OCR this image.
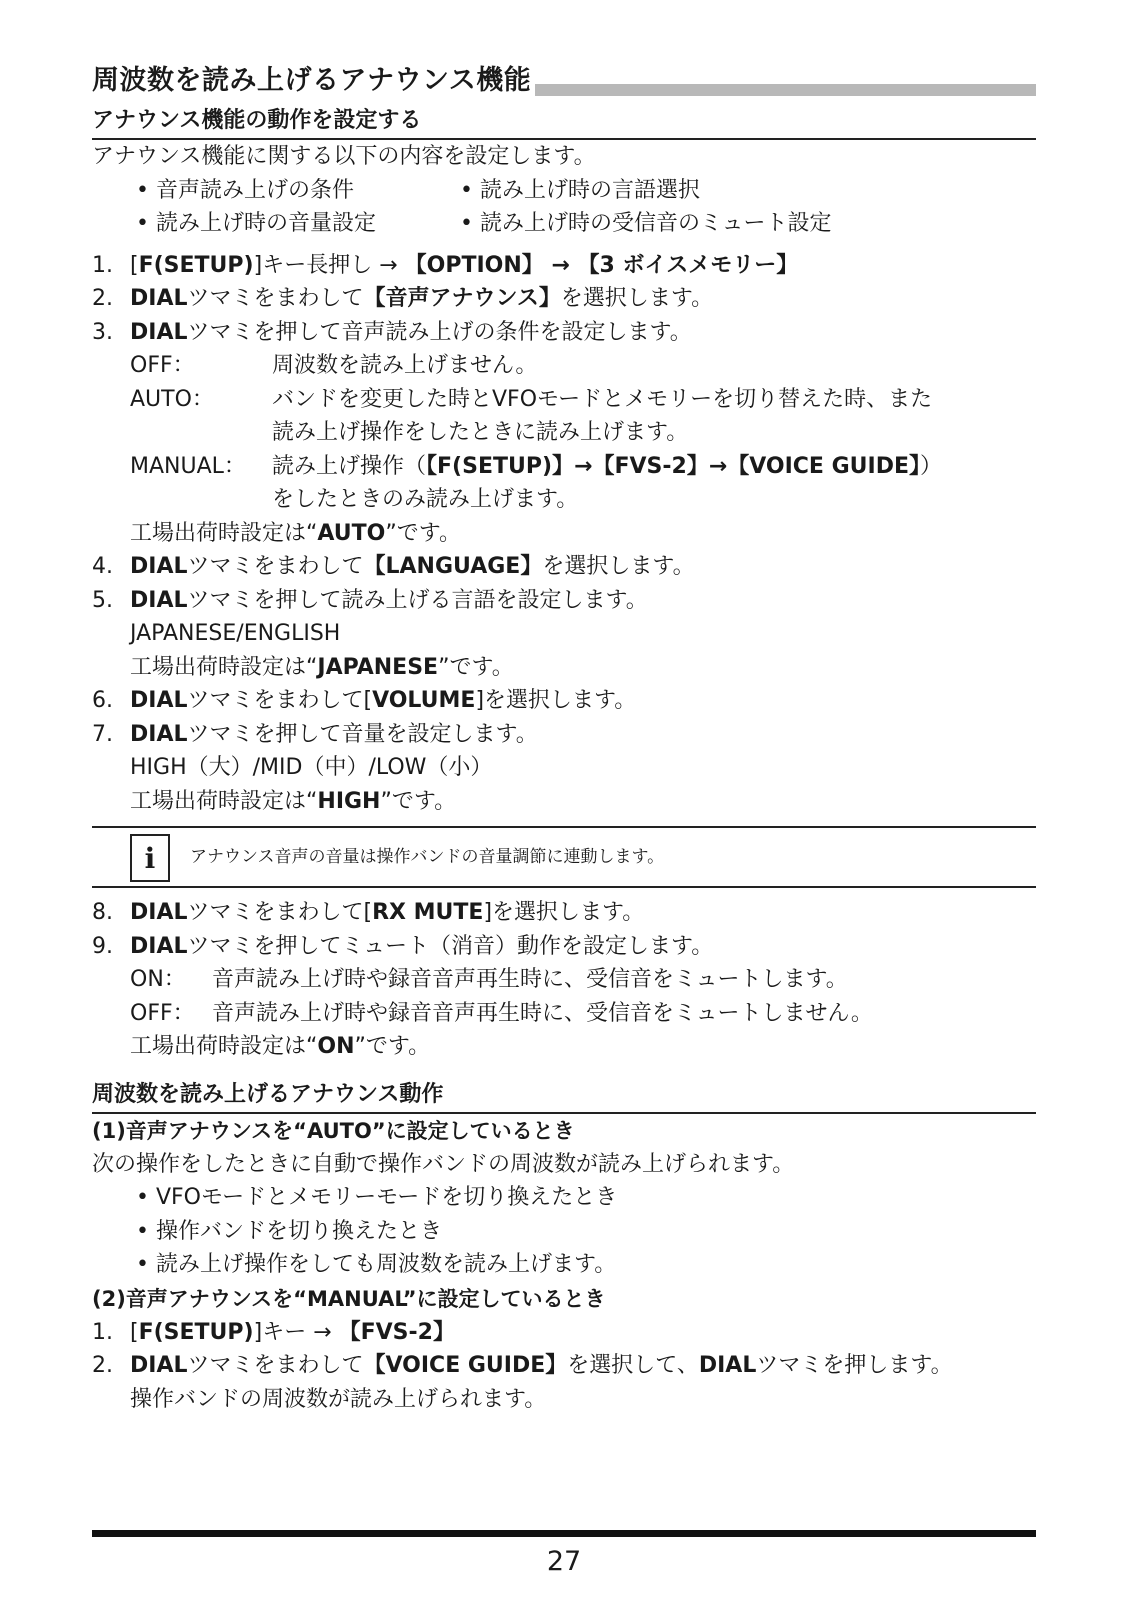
周波数を読み上げるアナウンス機能
アナウンス機能の動作を設定する

アナウンス機能に関する以下の内容を設定します。

• 音声読み上げの条件	• 読み上げ時の言語選択
• 読み上げ時の音量設定	• 読み上げ時の受信音のミュート設定
1. [F(SETUP)]キー長押し → 【OPTION】 → 【3 ボイスメモリー】
2. DIALツマミをまわして【音声アナウンス】を選択します。
3. DIALツマミを押して音声読み上げの条件を設定します。
OFF：	周波数を読み上げません。
AUTO：	バンドを変更した時とVFOモードとメモリーを切り替えた時、また
読み上げ操作をしたときに読み上げます。
MANUAL：	読み上げ操作（【F(SETUP)】→【FVS-2】→【VOICE GUIDE】）
をしたときのみ読み上げます。
工場出荷時設定は“AUTO”です。
4. DIALツマミをまわして【LANGUAGE】を選択します。
5. DIALツマミを押して読み上げる言語を設定します。
JAPANESE/ENGLISH
工場出荷時設定は“JAPANESE”です。
6. DIALツマミをまわして[VOLUME]を選択します。
7. DIALツマミを押して音量を設定します。
HIGH（大）/MID（中）/LOW（小）
工場出荷時設定は“HIGH”です。
i	アナウンス音声の音量は操作バンドの音量調節に連動します。
8. DIALツマミをまわして[RX MUTE]を選択します。
9. DIALツマミを押してミュート（消音）動作を設定します。
ON：	音声読み上げ時や録音音声再生時に、受信音をミュートします。
OFF： 音声読み上げ時や録音音声再生時に、受信音をミュートしません。
工場出荷時設定は“ON”です。
周波数を読み上げるアナウンス動作
(1)音声アナウンスを“AUTO”に設定しているとき

次の操作をしたときに自動で操作バンドの周波数が読み上げられます。

• VFOモードとメモリーモードを切り換えたとき
• 操作バンドを切り換えたとき
• 読み上げ操作をしても周波数を読み上げます。
(2)音声アナウンスを“MANUAL”に設定しているとき
1. [F(SETUP)]キー → 【FVS-2】
2. DIALツマミをまわして【VOICE GUIDE】を選択して、DIALツマミを押します。
操作バンドの周波数が読み上げられます。
27
